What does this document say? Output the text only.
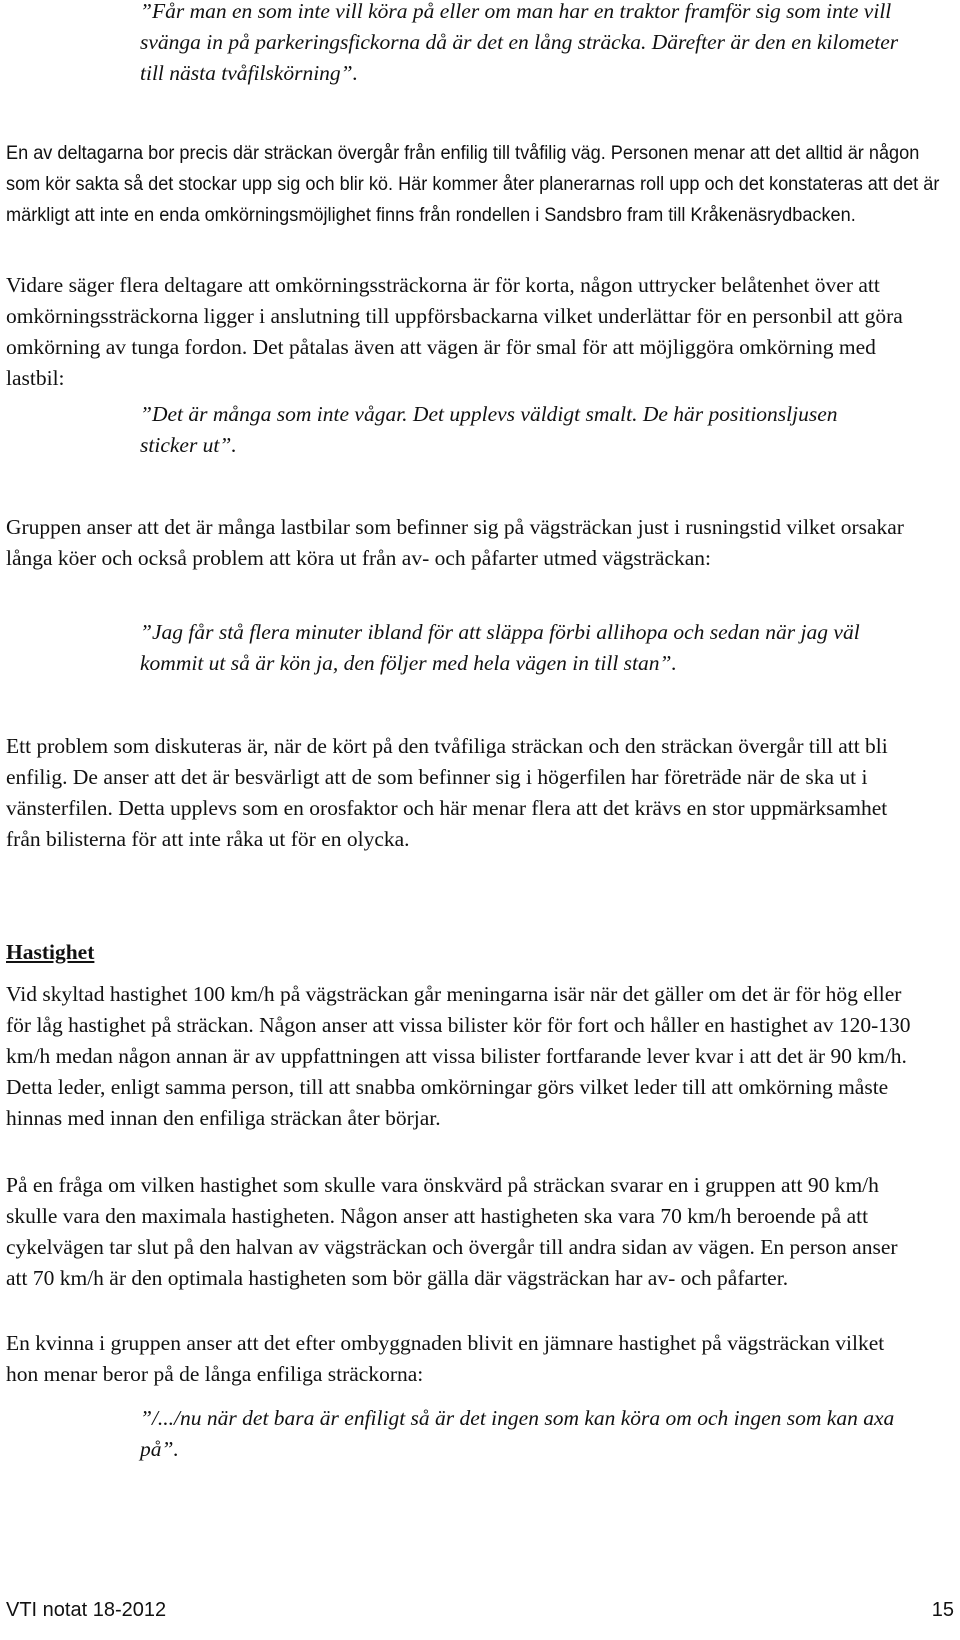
”Får man en som inte vill köra på eller om man har en traktor framför sig som inte vill svänga in på parkeringsfickorna då är det en lång sträcka. Därefter är den en kilometer till nästa tvåfilskörning”.

En av deltagarna bor precis där sträckan övergår från enfilig till tvåfilig väg. Personen menar att det alltid är någon som kör sakta så det stockar upp sig och blir kö. Här kommer åter planerarnas roll upp och det konstateras att det är märkligt att inte en enda omkörningsmöjlighet finns från rondellen i Sandsbro fram till Kråkenäsrydbacken.

Vidare säger flera deltagare att omkörningssträckorna är för korta, någon uttrycker belåtenhet över att omkörningssträckorna ligger i anslutning till uppförsbackarna vilket underlättar för en personbil att göra omkörning av tunga fordon. Det påtalas även att vägen är för smal för att möjliggöra omkörning med lastbil:

”Det är många som inte vågar. Det upplevs väldigt smalt. De här positionsljusen sticker ut”.

Gruppen anser att det är många lastbilar som befinner sig på vägsträckan just i rusningstid vilket orsakar långa köer och också problem att köra ut från av- och påfarter utmed vägsträckan:

”Jag får stå flera minuter ibland för att släppa förbi allihopa och sedan när jag väl kommit ut så är kön ja, den följer med hela vägen in till stan”.

Ett problem som diskuteras är, när de kört på den tvåfiliga sträckan och den sträckan övergår till att bli enfilig. De anser att det är besvärligt att de som befinner sig i högerfilen har företräde när de ska ut i vänsterfilen. Detta upplevs som en orosfaktor och här menar flera att det krävs en stor uppmärksamhet från bilisterna för att inte råka ut för en olycka.

Hastighet

Vid skyltad hastighet 100 km/h på vägsträckan går meningarna isär när det gäller om det är för hög eller för låg hastighet på sträckan. Någon anser att vissa bilister kör för fort och håller en hastighet av 120-130 km/h medan någon annan är av uppfattningen att vissa bilister fortfarande lever kvar i att det är 90 km/h. Detta leder, enligt samma person, till att snabba omkörningar görs vilket leder till att omkörning måste hinnas med innan den enfiliga sträckan åter börjar.

På en fråga om vilken hastighet som skulle vara önskvärd på sträckan svarar en i gruppen att 90 km/h skulle vara den maximala hastigheten. Någon anser att hastigheten ska vara 70 km/h beroende på att cykelvägen tar slut på den halvan av vägsträckan och övergår till andra sidan av vägen. En person anser att 70 km/h är den optimala hastigheten som bör gälla där vägsträckan har av- och påfarter.

En kvinna i gruppen anser att det efter ombyggnaden blivit en jämnare hastighet på vägsträckan vilket hon menar beror på de långa enfiliga sträckorna:

”/.../nu när det bara är enfiligt så är det ingen som kan köra om och ingen som kan axa på”.

VTI notat 18-2012	15
